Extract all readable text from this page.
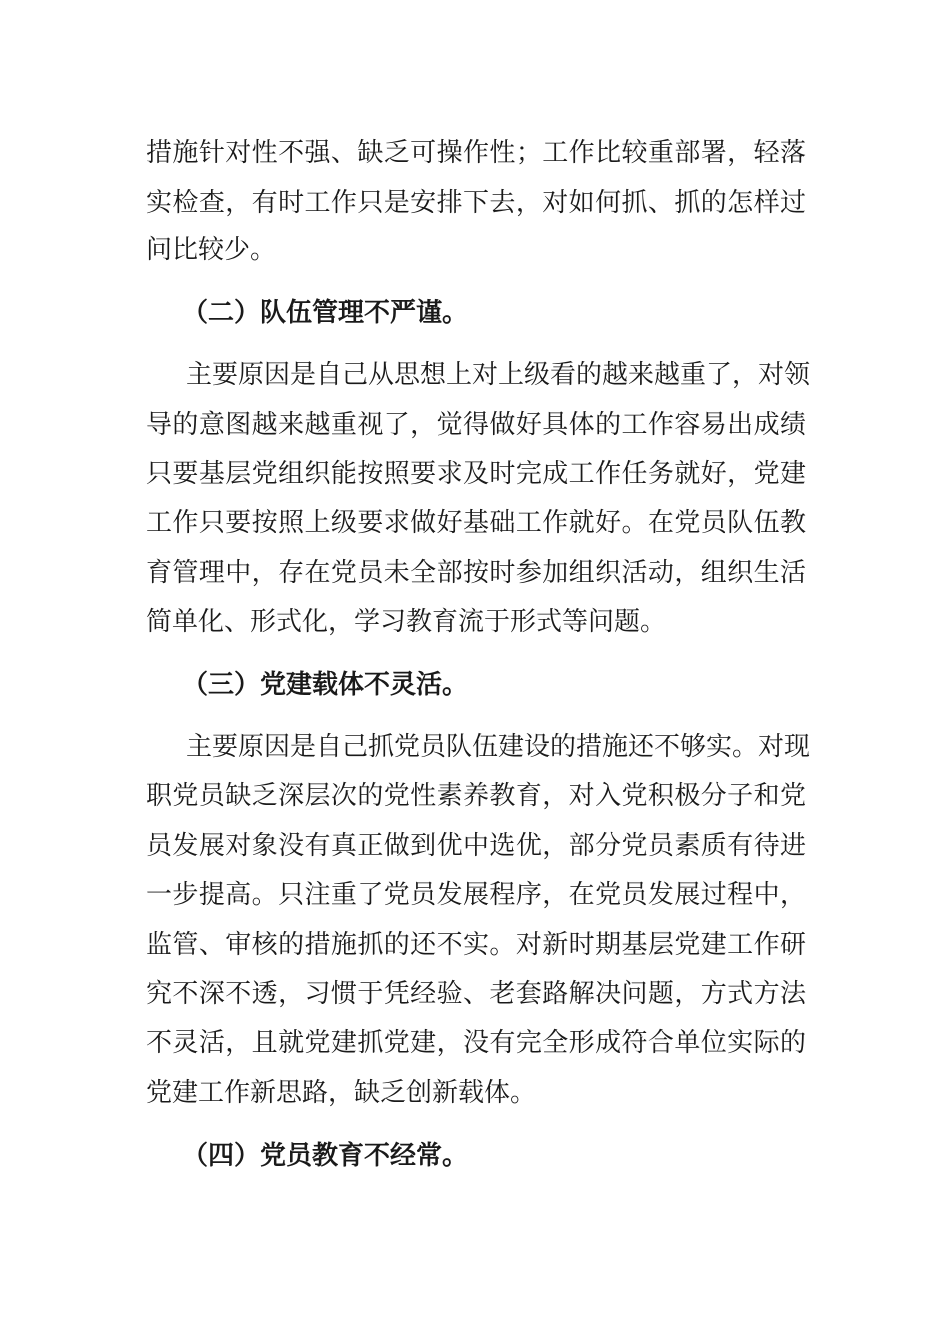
措施针对性不强、缺乏可操作性；工作比较重部署，轻落
实检查，有时工作只是安排下去，对如何抓、抓的怎样过
问比较少。
（二）队伍管理不严谨。
主要原因是自己从思想上对上级看的越来越重了，对领
导的意图越来越重视了，觉得做好具体的工作容易出成绩
只要基层党组织能按照要求及时完成工作任务就好，党建
工作只要按照上级要求做好基础工作就好。在党员队伍教
育管理中，存在党员未全部按时参加组织活动，组织生活
简单化、形式化，学习教育流于形式等问题。
（三）党建载体不灵活。
主要原因是自己抓党员队伍建设的措施还不够实。对现
职党员缺乏深层次的党性素养教育，对入党积极分子和党
员发展对象没有真正做到优中选优，部分党员素质有待进
一步提高。只注重了党员发展程序，在党员发展过程中，
监管、审核的措施抓的还不实。对新时期基层党建工作研
究不深不透，习惯于凭经验、老套路解决问题，方式方法
不灵活，且就党建抓党建，没有完全形成符合单位实际的
党建工作新思路，缺乏创新载体。
（四）党员教育不经常。
